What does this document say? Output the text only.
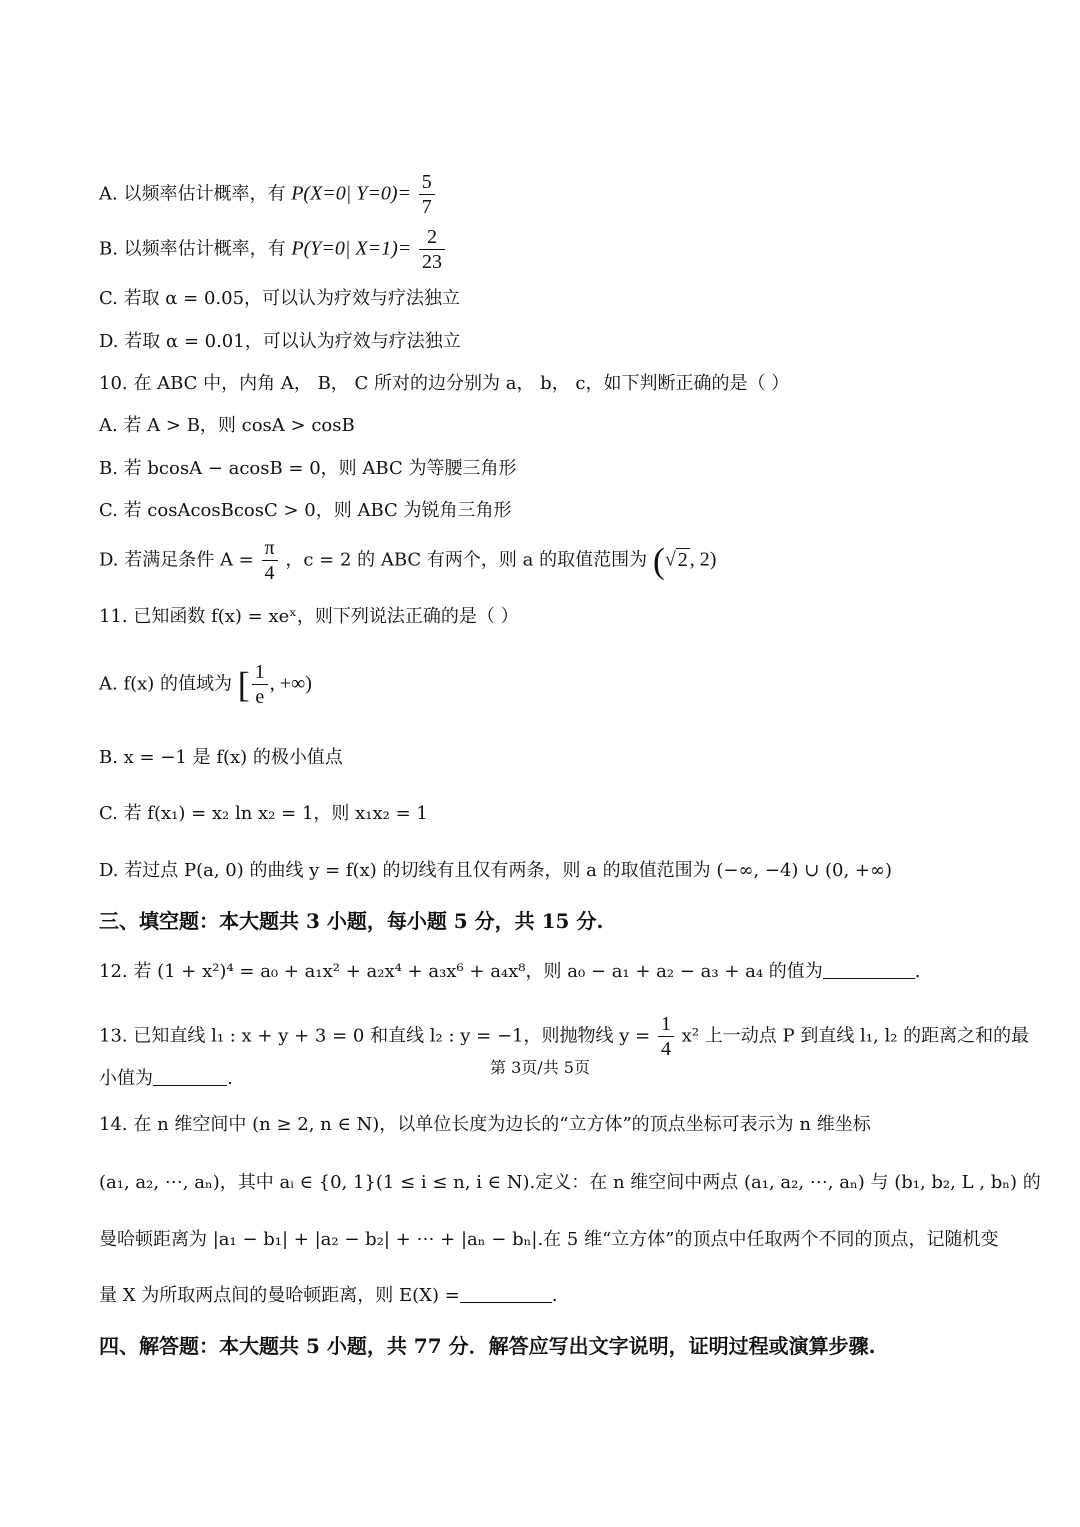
A. 以频率估计概率，有 P(X=0| $Y=0)= \frac{5}{7}$
B. 以频率估计概率，有 P(Y=0| $X=1)= \frac{2}{23}$
C. 若取 α = 0.05，可以认为疗效与疗法独立
D. 若取 α = 0.01，可以认为疗效与疗法独立
10. 在 ABC 中，内角 A， B， C 所对的边分别为 a， b， c，如下判断正确的是（ ）
A. 若 A > B，则 cosA > cosB
B. 若 bcosA − acosB = 0，则 ABC 为等腰三角形
C. 若 cosAcosBcosC > 0，则 ABC 为锐角三角形
D. 若满足条件 $A = \frac{\pi}{4}$ ，c = 2 的 ABC 有两个，则 a 的取值范围为 (√ 2 , 2)
11. 已知函数 f(x) = xeˣ，则下列说法正确的是（ ）
A. f(x) 的值域为 [ $\frac{1}{e}$ , +∞)
B. x = −1 是 f(x) 的极小值点
C. 若 f(x₁) = x₂ ln x₂ = 1，则 x₁x₂ = 1
D. 若过点 P(a, 0) 的曲线 y = f(x) 的切线有且仅有两条，则 a 的取值范围为 (−∞, −4) ∪ (0, +∞)
三、填空题：本大题共 3 小题，每小题 5 分，共 15 分.
12. 若 (1 + x²)⁴ = a₀ + a₁x² + a₂x⁴ + a₃x⁶ + a₄x⁸，则 a₀ − a₁ + a₂ − a₃ + a₄ 的值为	.
13. 已知直线 l₁ : x + y + 3 = 0 和直线 l₂ : y = −1，则抛物线 $y = \frac{1}{4} x^2$ 上一动点 P 到直线 l₁, l₂ 的距离之和的最
小值为	.
14. 在 n 维空间中 (n ≥ 2, n ∈ N)，以单位长度为边长的“立方体”的顶点坐标可表示为 n 维坐标
(a₁, a₂, ⋯, aₙ)，其中 aᵢ ∈ {0, 1}(1 ≤ i ≤ n, i ∈ N).定义：在 n 维空间中两点 (a₁, a₂, ⋯, aₙ) 与 (b₁, b₂, L , bₙ) 的
曼哈顿距离为 |a₁ − b₁| + |a₂ − b₂| + ⋯ + |aₙ − bₙ|.在 5 维“立方体”的顶点中任取两个不同的顶点，记随机变
量 X 为所取两点间的曼哈顿距离，则 E(X) =	.
四、解答题：本大题共 5 小题，共 77 分．解答应写出文字说明，证明过程或演算步骤.
第 3页/共 5页
